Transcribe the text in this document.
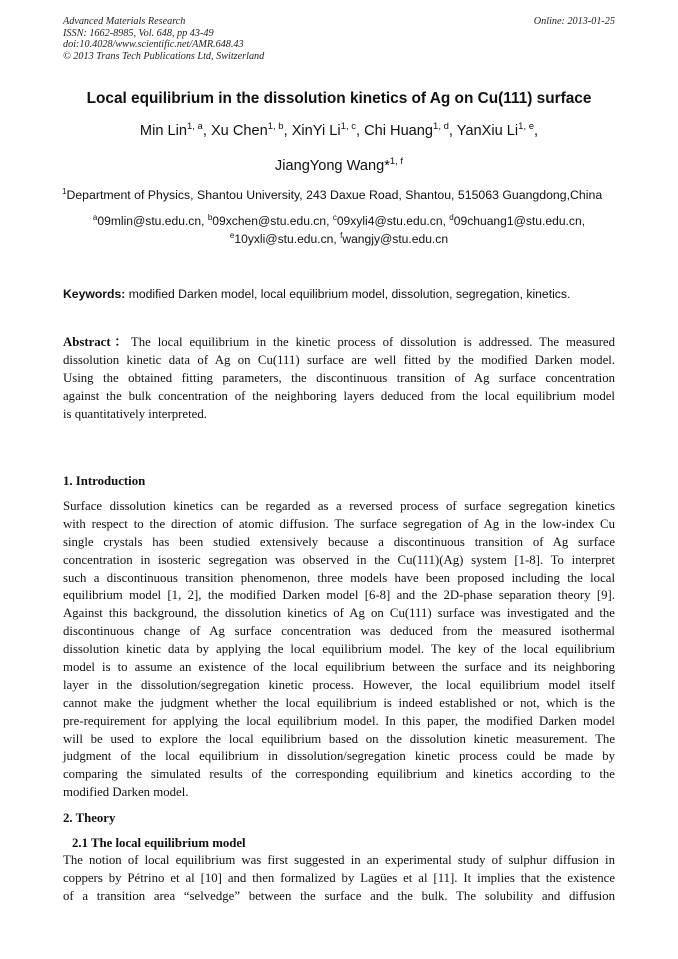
Advanced Materials Research
ISSN: 1662-8985, Vol. 648, pp 43-49
doi:10.4028/www.scientific.net/AMR.648.43
© 2013 Trans Tech Publications Ltd, Switzerland
Online: 2013-01-25
Local equilibrium in the dissolution kinetics of Ag on Cu(111) surface
Min Lin$^{1, a}$, Xu Chen$^{1, b}$, XinYi Li$^{1, c}$, Chi Huang$^{1, d}$, YanXiu Li$^{1, e}$,
JiangYong Wang*$^{1, f}$
$^1$Department of Physics, Shantou University, 243 Daxue Road, Shantou, 515063 Guangdong,China
$^a$09mlin@stu.edu.cn, $^b$09xchen@stu.edu.cn, $^c$09xyli4@stu.edu.cn, $^d$09chuang1@stu.edu.cn,
$^e$10yxli@stu.edu.cn, $^f$wangjy@stu.edu.cn
Keywords: modified Darken model, local equilibrium model, dissolution, segregation, kinetics.
Abstract：The local equilibrium in the kinetic process of dissolution is addressed. The measured
dissolution kinetic data of Ag on Cu(111) surface are well fitted by the modified Darken model.
Using the obtained fitting parameters, the discontinuous transition of Ag surface concentration
against the bulk concentration of the neighboring layers deduced from the local equilibrium model
is quantitatively interpreted.
1. Introduction
Surface dissolution kinetics can be regarded as a reversed process of surface segregation kinetics
with respect to the direction of atomic diffusion. The surface segregation of Ag in the low-index Cu
single crystals has been studied extensively because a discontinuous transition of Ag surface
concentration in isosteric segregation was observed in the Cu(111)(Ag) system [1-8]. To interpret
such a discontinuous transition phenomenon, three models have been proposed including the local
equilibrium model [1, 2], the modified Darken model [6-8] and the 2D-phase separation theory [9].
Against this background, the dissolution kinetics of Ag on Cu(111) surface was investigated and the
discontinuous change of Ag surface concentration was deduced from the measured isothermal
dissolution kinetic data by applying the local equilibrium model. The key of the local equilibrium
model is to assume an existence of the local equilibrium between the surface and its neighboring
layer in the dissolution/segregation kinetic process. However, the local equilibrium model itself
cannot make the judgment whether the local equilibrium is indeed established or not, which is the
pre-requirement for applying the local equilibrium model. In this paper, the modified Darken model
will be used to explore the local equilibrium based on the dissolution kinetic measurement. The
judgment of the local equilibrium in dissolution/segregation kinetic process could be made by
comparing the simulated results of the corresponding equilibrium and kinetics according to the
modified Darken model.
2. Theory
2.1 The local equilibrium model
The notion of local equilibrium was first suggested in an experimental study of sulphur diffusion in
coppers by Pétrino et al [10] and then formalized by Lagües et al [11]. It implies that the existence
of a transition area “selvedge” between the surface and the bulk. The solubility and diffusion
